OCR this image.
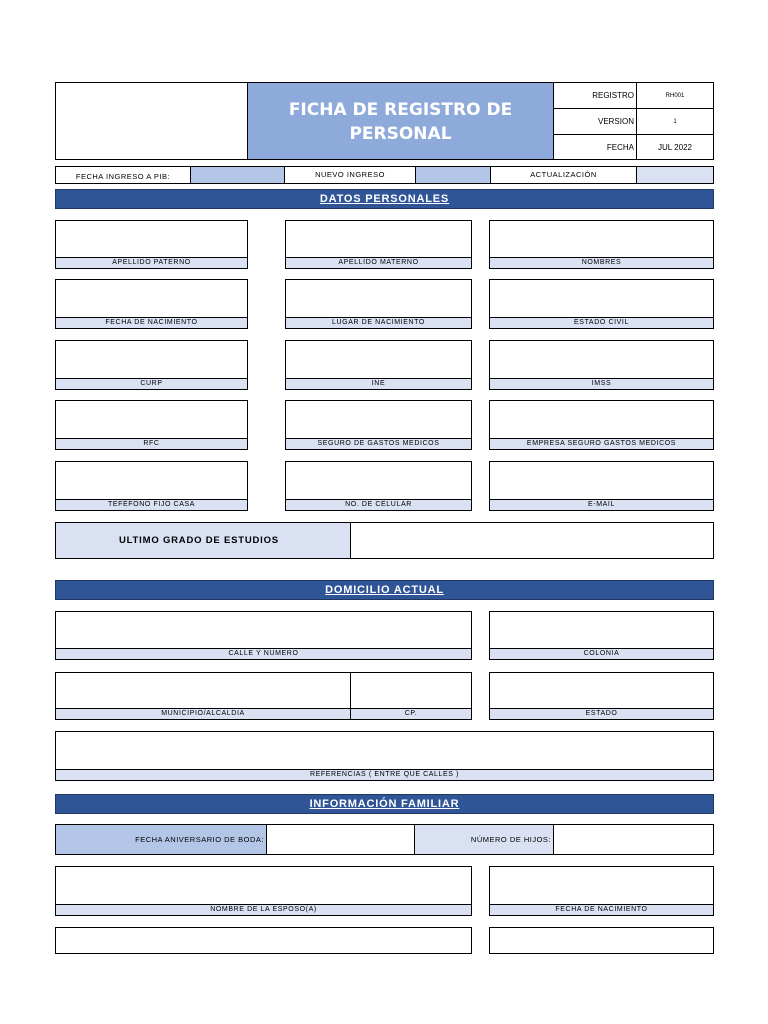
FICHA DE REGISTRO DE PERSONAL
REGISTRO	RH001
VERSION	1
FECHA	JUL 2022
FECHA INGRESO A PIB:	NUEVO INGRESO	ACTUALIZACIÓN
DATOS PERSONALES
APELLIDO PATERNO	APELLIDO MATERNO	NOMBRES
FECHA DE NACIMIENTO	LUGAR DE NACIMIENTO	ESTADO CIVIL
CURP	INE	IMSS
RFC	SEGURO DE GASTOS MEDICOS	EMPRESA SEGURO GASTOS MEDICOS
TEFÉFONO FIJO CASA	NO. DE CELULAR	E-MAIL
ULTIMO GRADO DE ESTUDIOS
DOMICILIO ACTUAL
CALLE Y NUMERO	COLONIA
MUNICIPIO/ALCALDIA	CP.	ESTADO
REFERENCIAS ( ENTRE QUE CALLES )
INFORMACIÓN FAMILIAR
FECHA ANIVERSARIO DE BODA:	NÚMERO DE HIJOS:
NOMBRE DE LA ESPOSO(A)	FECHA DE NACIMIENTO
